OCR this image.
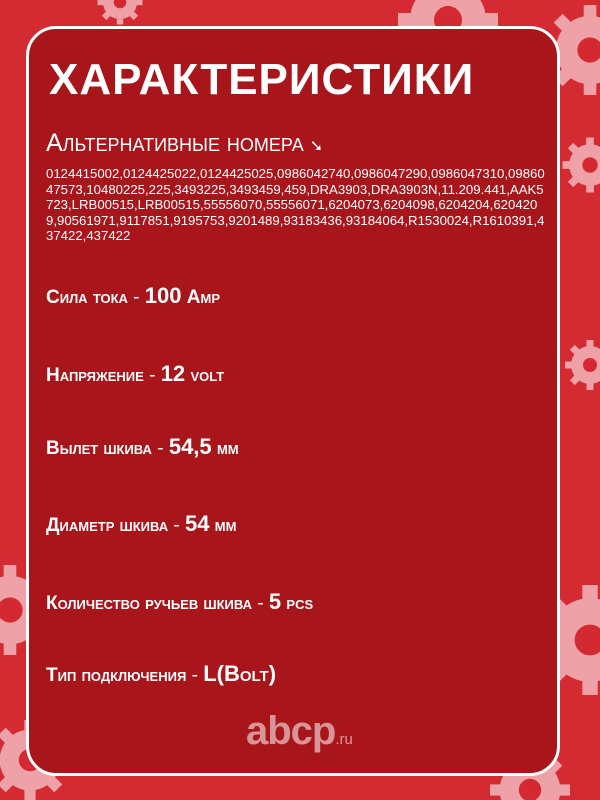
ХАРАКТЕРИСТИКИ
Альтернативные номера ➘
0124415002,0124425022,0124425025,0986042740,0986047290,0986047310,0986047573,10480225,225,3493225,3493459,459,DRA3903,DRA3903N,11.209.441,AAK5723,LRB00515,LRB00515,55556070,55556071,6204073,6204098,6204204,6204209,90561971,9117851,9195753,9201489,93183436,93184064,R1530024,R1610391,437422,437422
Сила тока - 100 Amp
Напряжение - 12 volt
Вылет шкива - 54,5 мм
Диаметр шкива - 54 мм
Количество ручьев шкива - 5 pcs
Тип подключения - L(Bolt)
abcp.ru
